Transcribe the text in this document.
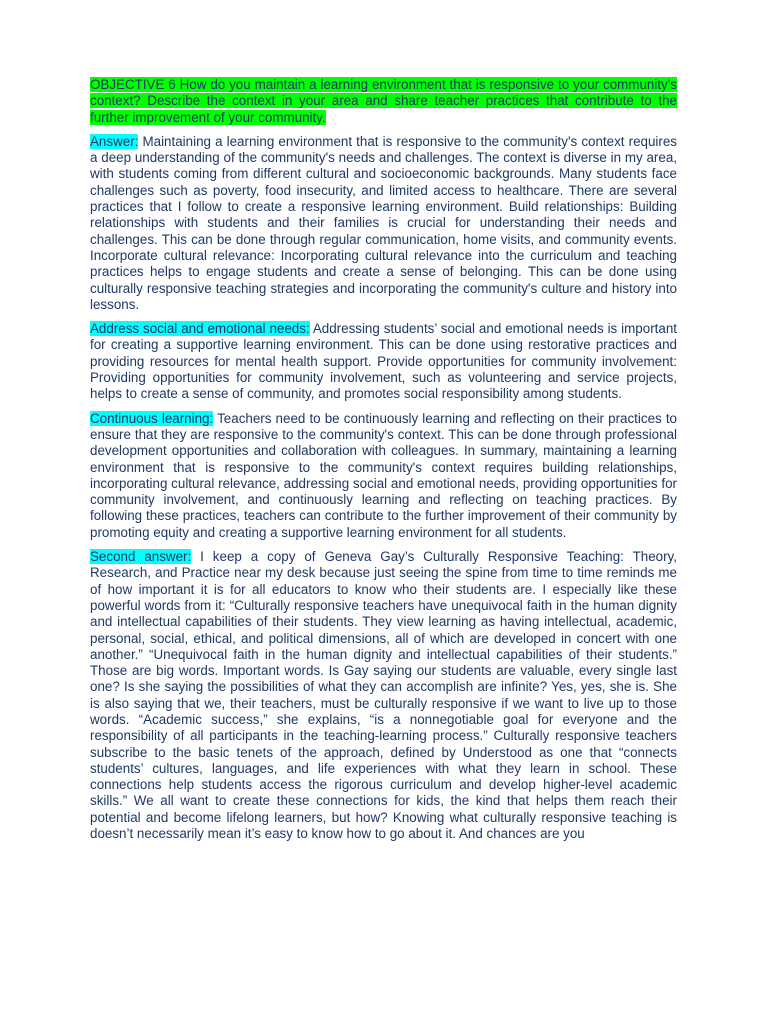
OBJECTIVE 6 How do you maintain a learning environment that is responsive to your community's context? Describe the context in your area and share teacher practices that contribute to the further improvement of your community.

Answer: Maintaining a learning environment that is responsive to the community's context requires a deep understanding of the community's needs and challenges. The context is diverse in my area, with students coming from different cultural and socioeconomic backgrounds. Many students face challenges such as poverty, food insecurity, and limited access to healthcare. There are several practices that I follow to create a responsive learning environment. Build relationships: Building relationships with students and their families is crucial for understanding their needs and challenges. This can be done through regular communication, home visits, and community events. Incorporate cultural relevance: Incorporating cultural relevance into the curriculum and teaching practices helps to engage students and create a sense of belonging. This can be done using culturally responsive teaching strategies and incorporating the community's culture and history into lessons.

Address social and emotional needs: Addressing students’ social and emotional needs is important for creating a supportive learning environment. This can be done using restorative practices and providing resources for mental health support. Provide opportunities for community involvement: Providing opportunities for community involvement, such as volunteering and service projects, helps to create a sense of community, and promotes social responsibility among students.

Continuous learning: Teachers need to be continuously learning and reflecting on their practices to ensure that they are responsive to the community's context. This can be done through professional development opportunities and collaboration with colleagues. In summary, maintaining a learning environment that is responsive to the community's context requires building relationships, incorporating cultural relevance, addressing social and emotional needs, providing opportunities for community involvement, and continuously learning and reflecting on teaching practices. By following these practices, teachers can contribute to the further improvement of their community by promoting equity and creating a supportive learning environment for all students.

Second answer: I keep a copy of Geneva Gay’s Culturally Responsive Teaching: Theory, Research, and Practice near my desk because just seeing the spine from time to time reminds me of how important it is for all educators to know who their students are. I especially like these powerful words from it: “Culturally responsive teachers have unequivocal faith in the human dignity and intellectual capabilities of their students. They view learning as having intellectual, academic, personal, social, ethical, and political dimensions, all of which are developed in concert with one another.” “Unequivocal faith in the human dignity and intellectual capabilities of their students.” Those are big words. Important words. Is Gay saying our students are valuable, every single last one? Is she saying the possibilities of what they can accomplish are infinite? Yes, yes, she is. She is also saying that we, their teachers, must be culturally responsive if we want to live up to those words. “Academic success,” she explains, “is a nonnegotiable goal for everyone and the responsibility of all participants in the teaching-learning process.” Culturally responsive teachers subscribe to the basic tenets of the approach, defined by Understood as one that “connects students’ cultures, languages, and life experiences with what they learn in school. These connections help students access the rigorous curriculum and develop higher-level academic skills.” We all want to create these connections for kids, the kind that helps them reach their potential and become lifelong learners, but how? Knowing what culturally responsive teaching is doesn’t necessarily mean it’s easy to know how to go about it. And chances are you
